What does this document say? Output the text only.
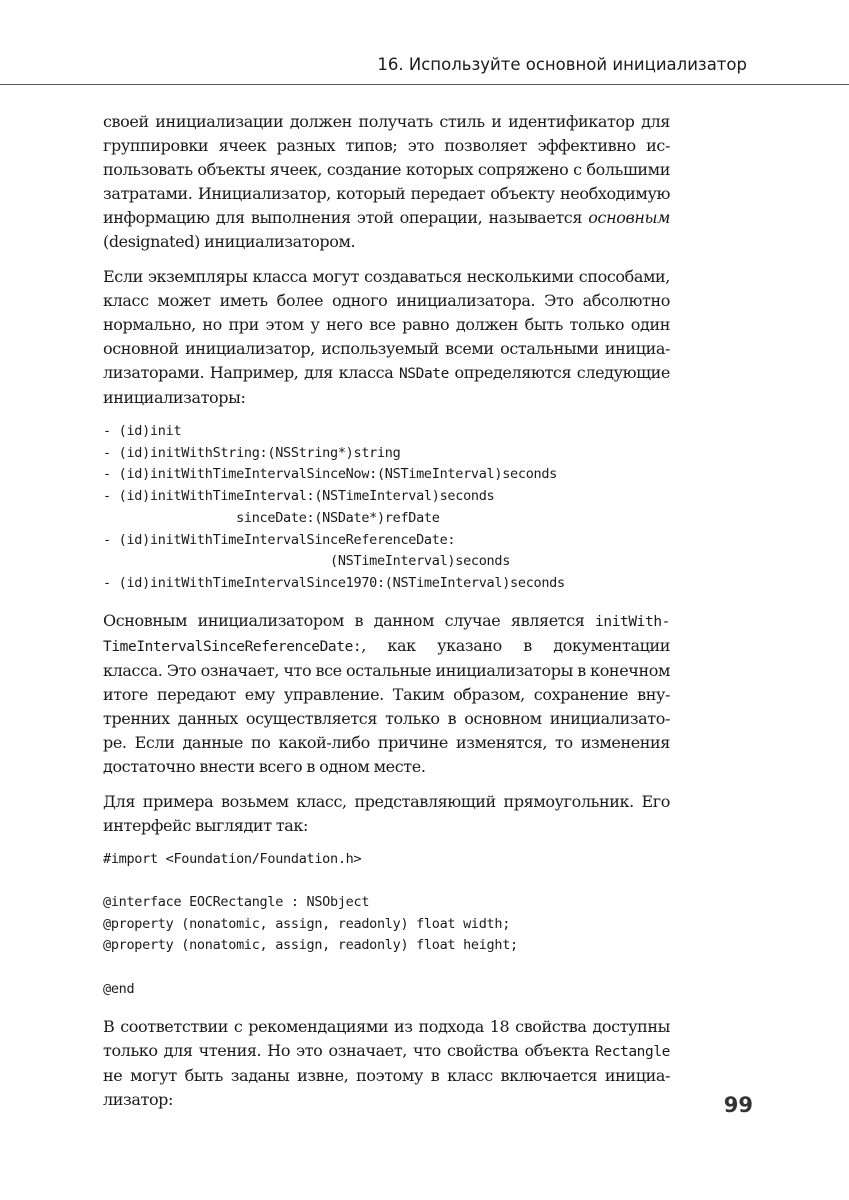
16. Используйте основной инициализатор

своей инициализации должен получать стиль и идентификатор для
группировки ячеек разных типов; это позволяет эффективно ис-
пользовать объекты ячеек, создание которых сопряжено с большими
затратами. Инициализатор, который передает объекту необходимую
информацию для выполнения этой операции, называется основным
(designated) инициализатором.

Если экземпляры класса могут создаваться несколькими способами,
класс может иметь более одного инициализатора. Это абсолютно
нормально, но при этом у него все равно должен быть только один
основной инициализатор, используемый всеми остальными инициа-
лизаторами. Например, для класса NSDate определяются следующие
инициализаторы:

- (id)init
- (id)initWithString:(NSString*)string
- (id)initWithTimeIntervalSinceNow:(NSTimeInterval)seconds
- (id)initWithTimeInterval:(NSTimeInterval)seconds
sinceDate:(NSDate*)refDate
- (id)initWithTimeIntervalSinceReferenceDate:
(NSTimeInterval)seconds
- (id)initWithTimeIntervalSince1970:(NSTimeInterval)seconds

Основным инициализатором в данном случае является initWith-
TimeIntervalSinceReferenceDate:, как указано в документации
класса. Это означает, что все остальные инициализаторы в конечном
итоге передают ему управление. Таким образом, сохранение вну-
тренних данных осуществляется только в основном инициализато-
ре. Если данные по какой-либо причине изменятся, то изменения
достаточно внести всего в одном месте.

Для примера возьмем класс, представляющий прямоугольник. Его
интерфейс выглядит так:

#import <Foundation/Foundation.h>

@interface EOCRectangle : NSObject
@property (nonatomic, assign, readonly) float width;
@property (nonatomic, assign, readonly) float height;

@end

В соответствии с рекомендациями из подхода 18 свойства доступны
только для чтения. Но это означает, что свойства объекта Rectangle
не могут быть заданы извне, поэтому в класс включается инициа-
лизатор:	99
